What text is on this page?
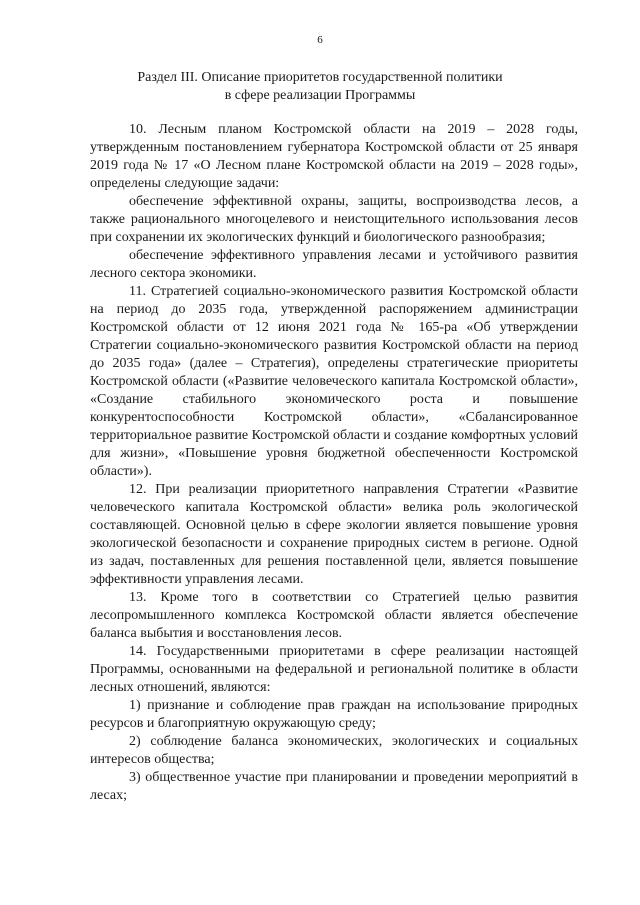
6
Раздел III. Описание приоритетов государственной политики
в сфере реализации Программы

10. Лесным планом Костромской области на 2019 – 2028 годы, утвержденным постановлением губернатора Костромской области от 25 января 2019 года № 17 «О Лесном плане Костромской области на 2019 – 2028 годы», определены следующие задачи:

обеспечение эффективной охраны, защиты, воспроизводства лесов, а также рационального многоцелевого и неистощительного использования лесов при сохранении их экологических функций и биологического разнообразия;

обеспечение эффективного управления лесами и устойчивого развития лесного сектора экономики.

11. Стратегией социально-экономического развития Костромской области на период до 2035 года, утвержденной распоряжением администрации Костромской области от 12 июня 2021 года № 165-ра «Об утверждении Стратегии социально-экономического развития Костромской области на период до 2035 года» (далее – Стратегия), определены стратегические приоритеты Костромской области («Развитие человеческого капитала Костромской области», «Создание стабильного экономического роста и повышение конкурентоспособности Костромской области», «Сбалансированное территориальное развитие Костромской области и создание комфортных условий для жизни», «Повышение уровня бюджетной обеспеченности Костромской области»).

12. При реализации приоритетного направления Стратегии «Развитие человеческого капитала Костромской области» велика роль экологической составляющей. Основной целью в сфере экологии является повышение уровня экологической безопасности и сохранение природных систем в регионе. Одной из задач, поставленных для решения поставленной цели, является повышение эффективности управления лесами.

13. Кроме того в соответствии со Стратегией целью развития лесопромышленного комплекса Костромской области является обеспечение баланса выбытия и восстановления лесов.

14. Государственными приоритетами в сфере реализации настоящей Программы, основанными на федеральной и региональной политике в области лесных отношений, являются:

1) признание и соблюдение прав граждан на использование природных ресурсов и благоприятную окружающую среду;

2) соблюдение баланса экономических, экологических и социальных интересов общества;

3) общественное участие при планировании и проведении мероприятий в лесах;
